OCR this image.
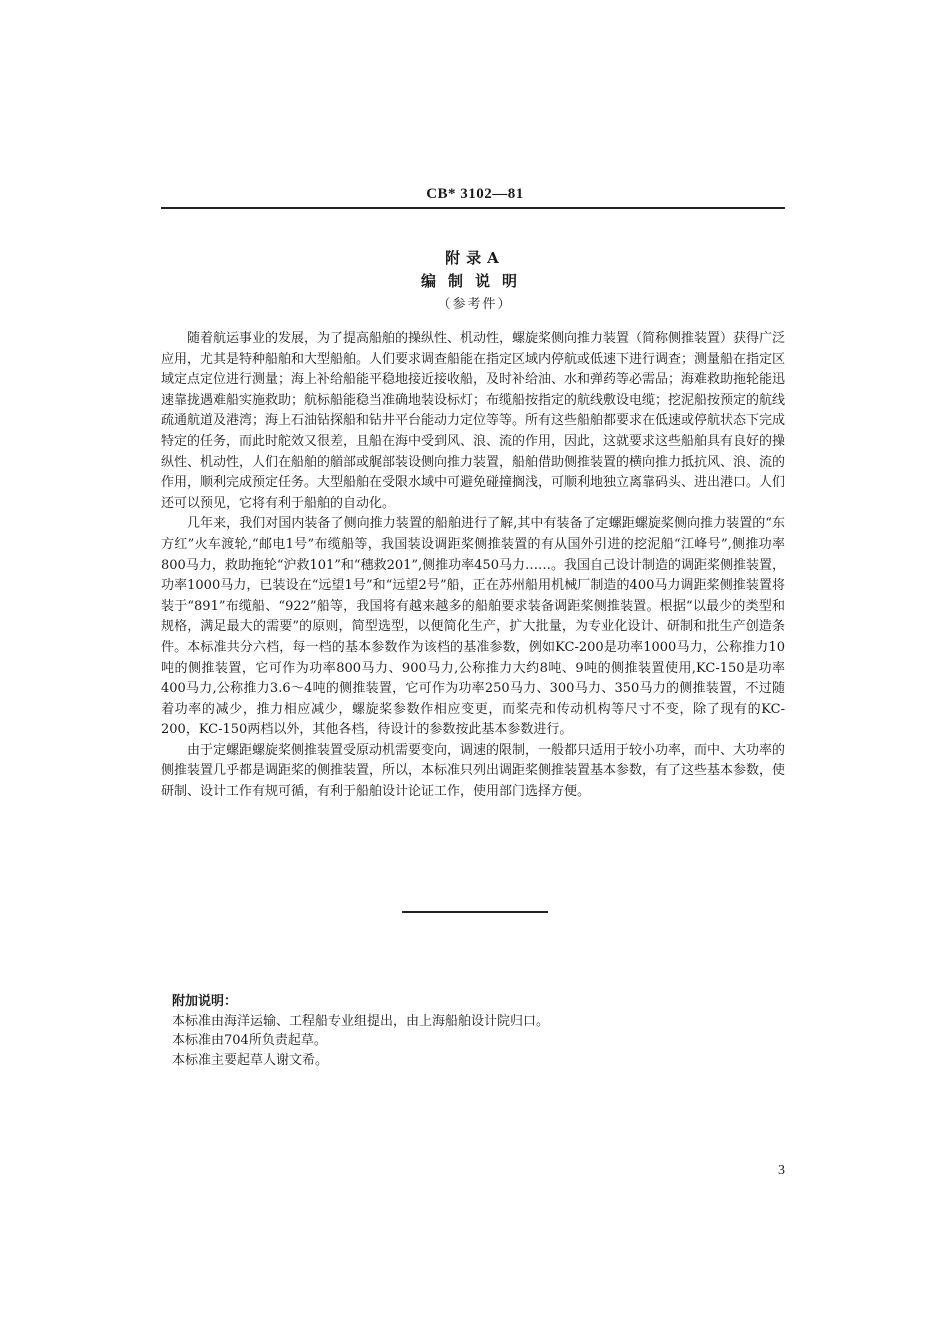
CB* 3102—81
附录A
编制说明
（参考件）

随着航运事业的发展，为了提高船舶的操纵性、机动性，螺旋桨侧向推力装置（简称侧推装置）获得广泛应用，尤其是特种船舶和大型船舶。人们要求调查船能在指定区域内停航或低速下进行调查；测量船在指定区域定点定位进行测量；海上补给船能平稳地接近接收船，及时补给油、水和弹药等必需品；海难救助拖轮能迅速靠拢遇难船实施救助；航标船能稳当准确地装设标灯；布缆船按指定的航线敷设电缆；挖泥船按预定的航线疏通航道及港湾；海上石油钻探船和钻井平台能动力定位等等。所有这些船舶都要求在低速或停航状态下完成特定的任务，而此时舵效又很差，且船在海中受到风、浪、流的作用，因此，这就要求这些船舶具有良好的操纵性、机动性，人们在船舶的艏部或艉部装设侧向推力装置，船舶借助侧推装置的横向推力抵抗风、浪、流的作用，顺利完成预定任务。大型船舶在受限水域中可避免碰撞搁浅，可顺利地独立离靠码头、进出港口。人们还可以预见，它将有利于船舶的自动化。

几年来，我们对国内装备了侧向推力装置的船舶进行了解,其中有装备了定螺距螺旋桨侧向推力装置的“东方红”火车渡轮,“邮电1号”布缆船等，我国装设调距桨侧推装置的有从国外引进的挖泥船“江峰号”,侧推功率800马力，救助拖轮“沪救101”和“穗救201”,侧推功率450马力……。我国自己设计制造的调距桨侧推装置，功率1000马力，已装设在“远望1号”和“远望2号”船，正在苏州船用机械厂制造的400马力调距桨侧推装置将装于“891”布缆船、“922”船等，我国将有越来越多的船舶要求装备调距桨侧推装置。根据“以最少的类型和规格，满足最大的需要”的原则，简型选型，以便简化生产，扩大批量，为专业化设计、研制和批生产创造条件。本标准共分六档，每一档的基本参数作为该档的基准参数，例如KC-200是功率1000马力，公称推力10吨的侧推装置，它可作为功率800马力、900马力,公称推力大约8吨、9吨的侧推装置使用,KC-150是功率400马力,公称推力3.6～4吨的侧推装置，它可作为功率250马力、300马力、350马力的侧推装置，不过随着功率的减少，推力相应减少，螺旋桨参数作相应变更，而桨壳和传动机构等尺寸不变，除了现有的KC-200，KC-150两档以外，其他各档，待设计的参数按此基本参数进行。

由于定螺距螺旋桨侧推装置受原动机需要变向，调速的限制，一般都只适用于较小功率，而中、大功率的侧推装置几乎都是调距桨的侧推装置，所以，本标准只列出调距桨侧推装置基本参数，有了这些基本参数，使研制、设计工作有规可循，有利于船舶设计论证工作，使用部门选择方便。

附加说明：
本标准由海洋运输、工程船专业组提出，由上海船舶设计院归口。
本标准由704所负责起草。
本标准主要起草人谢文希。
3
